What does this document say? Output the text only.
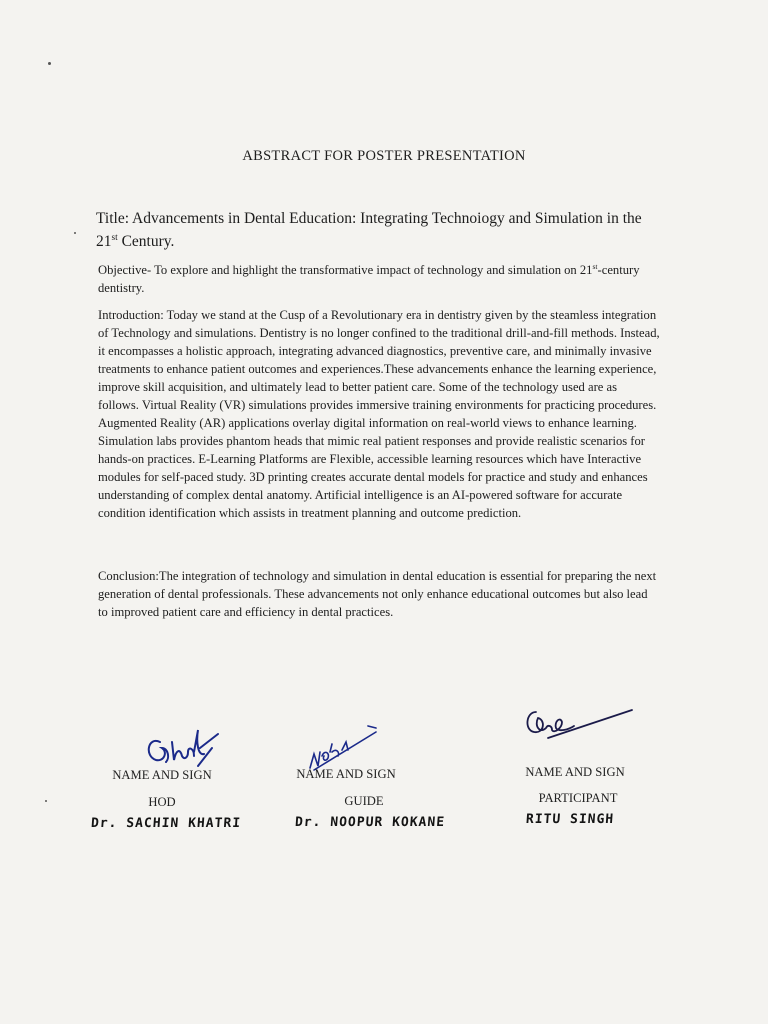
ABSTRACT FOR POSTER PRESENTATION
Title: Advancements in Dental Education: Integrating Technoiogy and Simulation in the 21st Century.
Objective- To explore and highlight the transformative impact of technology and simulation on 21st-century dentistry.
Introduction: Today we stand at the Cusp of a Revolutionary era in dentistry given by the steamless integration of Technology and simulations. Dentistry is no longer confined to the traditional drill-and-fill methods. Instead, it encompasses a holistic approach, integrating advanced diagnostics, preventive care, and minimally invasive treatments to enhance patient outcomes and experiences.These advancements enhance the learning experience, improve skill acquisition, and ultimately lead to better patient care. Some of the technology used are as follows. Virtual Reality (VR) simulations provides immersive training environments for practicing procedures. Augmented Reality (AR) applications overlay digital information on real-world views to enhance learning. Simulation labs provides phantom heads that mimic real patient responses and provide realistic scenarios for hands-on practices. E-Learning Platforms are Flexible, accessible learning resources which have Interactive modules for self-paced study. 3D printing creates accurate dental models for practice and study and enhances understanding of complex dental anatomy. Artificial intelligence is an AI-powered software for accurate condition identification which assists in treatment planning and outcome prediction.
Conclusion:The integration of technology and simulation in dental education is essential for preparing the next generation of dental professionals. These advancements not only enhance educational outcomes but also lead to improved patient care and efficiency in dental practices.
NAME AND SIGN
HOD
Dr. SACHIN KHATRI
NAME AND SIGN
GUIDE
Dr. NOOPUR KOKANE
NAME AND SIGN
PARTICIPANT
RITU SINGH
